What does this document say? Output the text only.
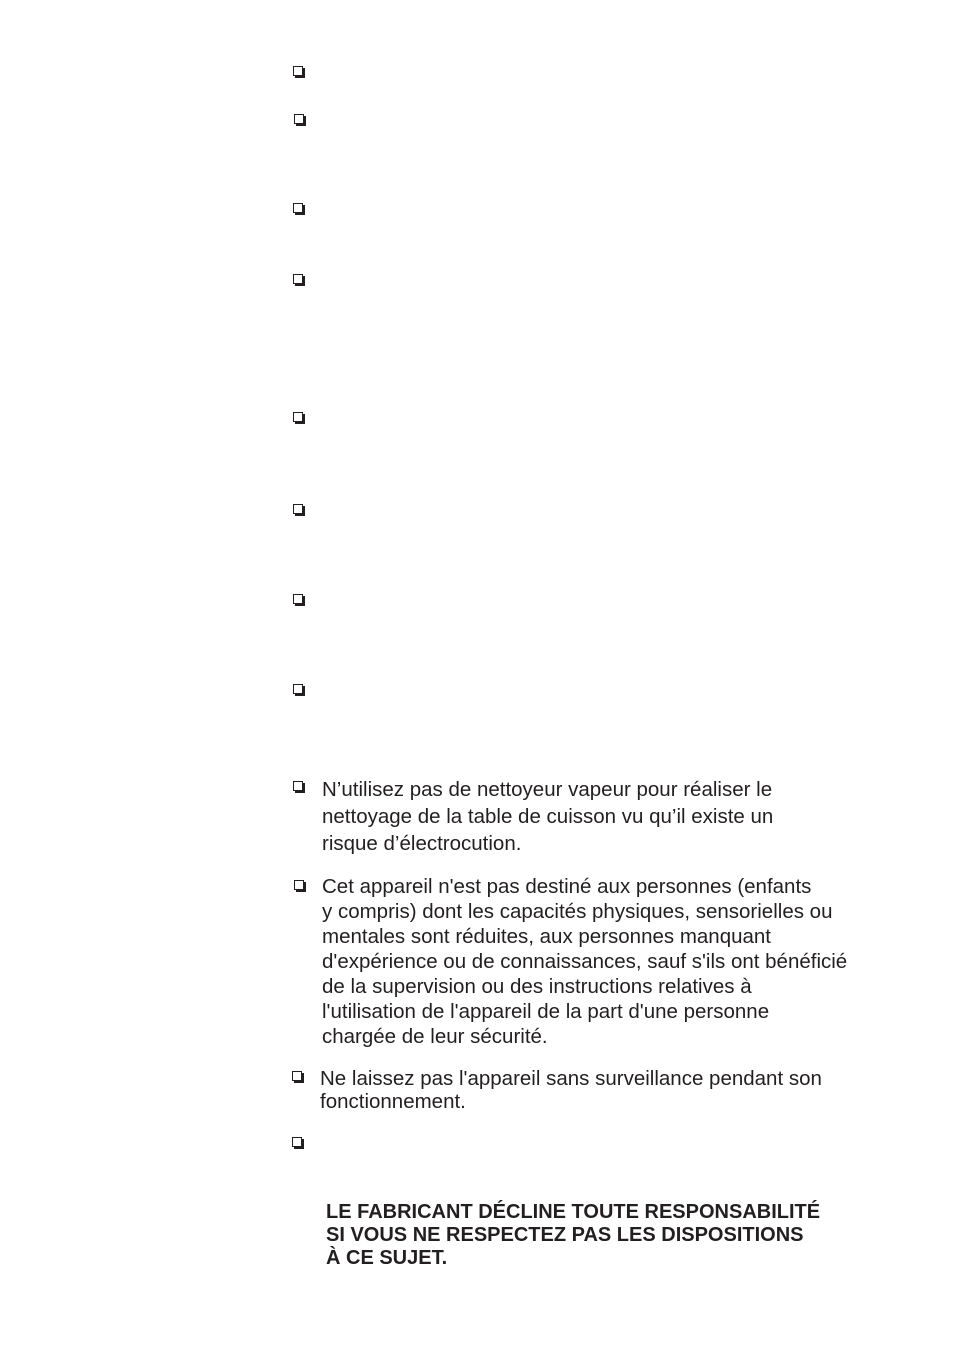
N’utilisez pas de nettoyeur vapeur pour réaliser le
nettoyage de la table de cuisson vu qu’il existe un
risque d’électrocution.
Cet appareil n'est pas destiné aux personnes (enfants
y compris) dont les capacités physiques, sensorielles ou
mentales sont réduites, aux personnes manquant
d'expérience ou de connaissances, sauf s'ils ont bénéficié
de la supervision ou des instructions relatives à
l'utilisation de l'appareil de la part d'une personne
chargée de leur sécurité.
Ne laissez pas l'appareil sans surveillance pendant son
fonctionnement.
LE FABRICANT DÉCLINE TOUTE RESPONSABILITÉ
SI VOUS NE RESPECTEZ PAS LES DISPOSITIONS
À CE SUJET.
